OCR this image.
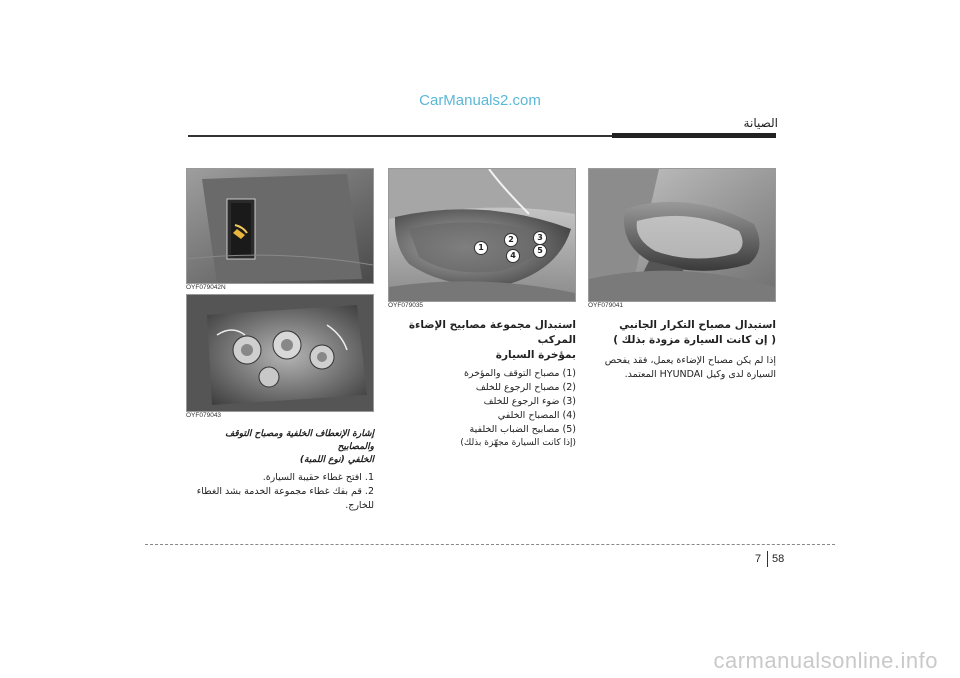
CarManuals2.com
الصيانة
OYF079041
1
2	3
4
5
OYF079035
OYF079042N
OYF079043
استبدال مصباح التكرار الجانبي
( إن كانت السيارة مزودة بذلك )
إذا لم يكن مصباح الإضاءة يعمل، فقد يفحص السيارة لدى وكيل HYUNDAI المعتمد.
استبدال مجموعة مصابيح الإضاءة المركب
بمؤخرة السيارة
(1) مصباح التوقف والمؤخرة
(2) مصباح الرجوع للخلف
(3) ضوء الرجوع للخلف
(4) المصباح الخلفي
(5) مصابيح الضباب الخلفية
(إذا كانت السيارة مجهّزة بذلك)
إشارة الإنعطاف الخلفية ومصباح التوقف والمصابيح
الخلفي (نوع اللمبة)
1. افتح غطاء حقيبة السيارة.
2. قم بفك غطاء مجموعة الخدمة بشد الغطاء للخارج.
7 58
carmanualsonline.info
